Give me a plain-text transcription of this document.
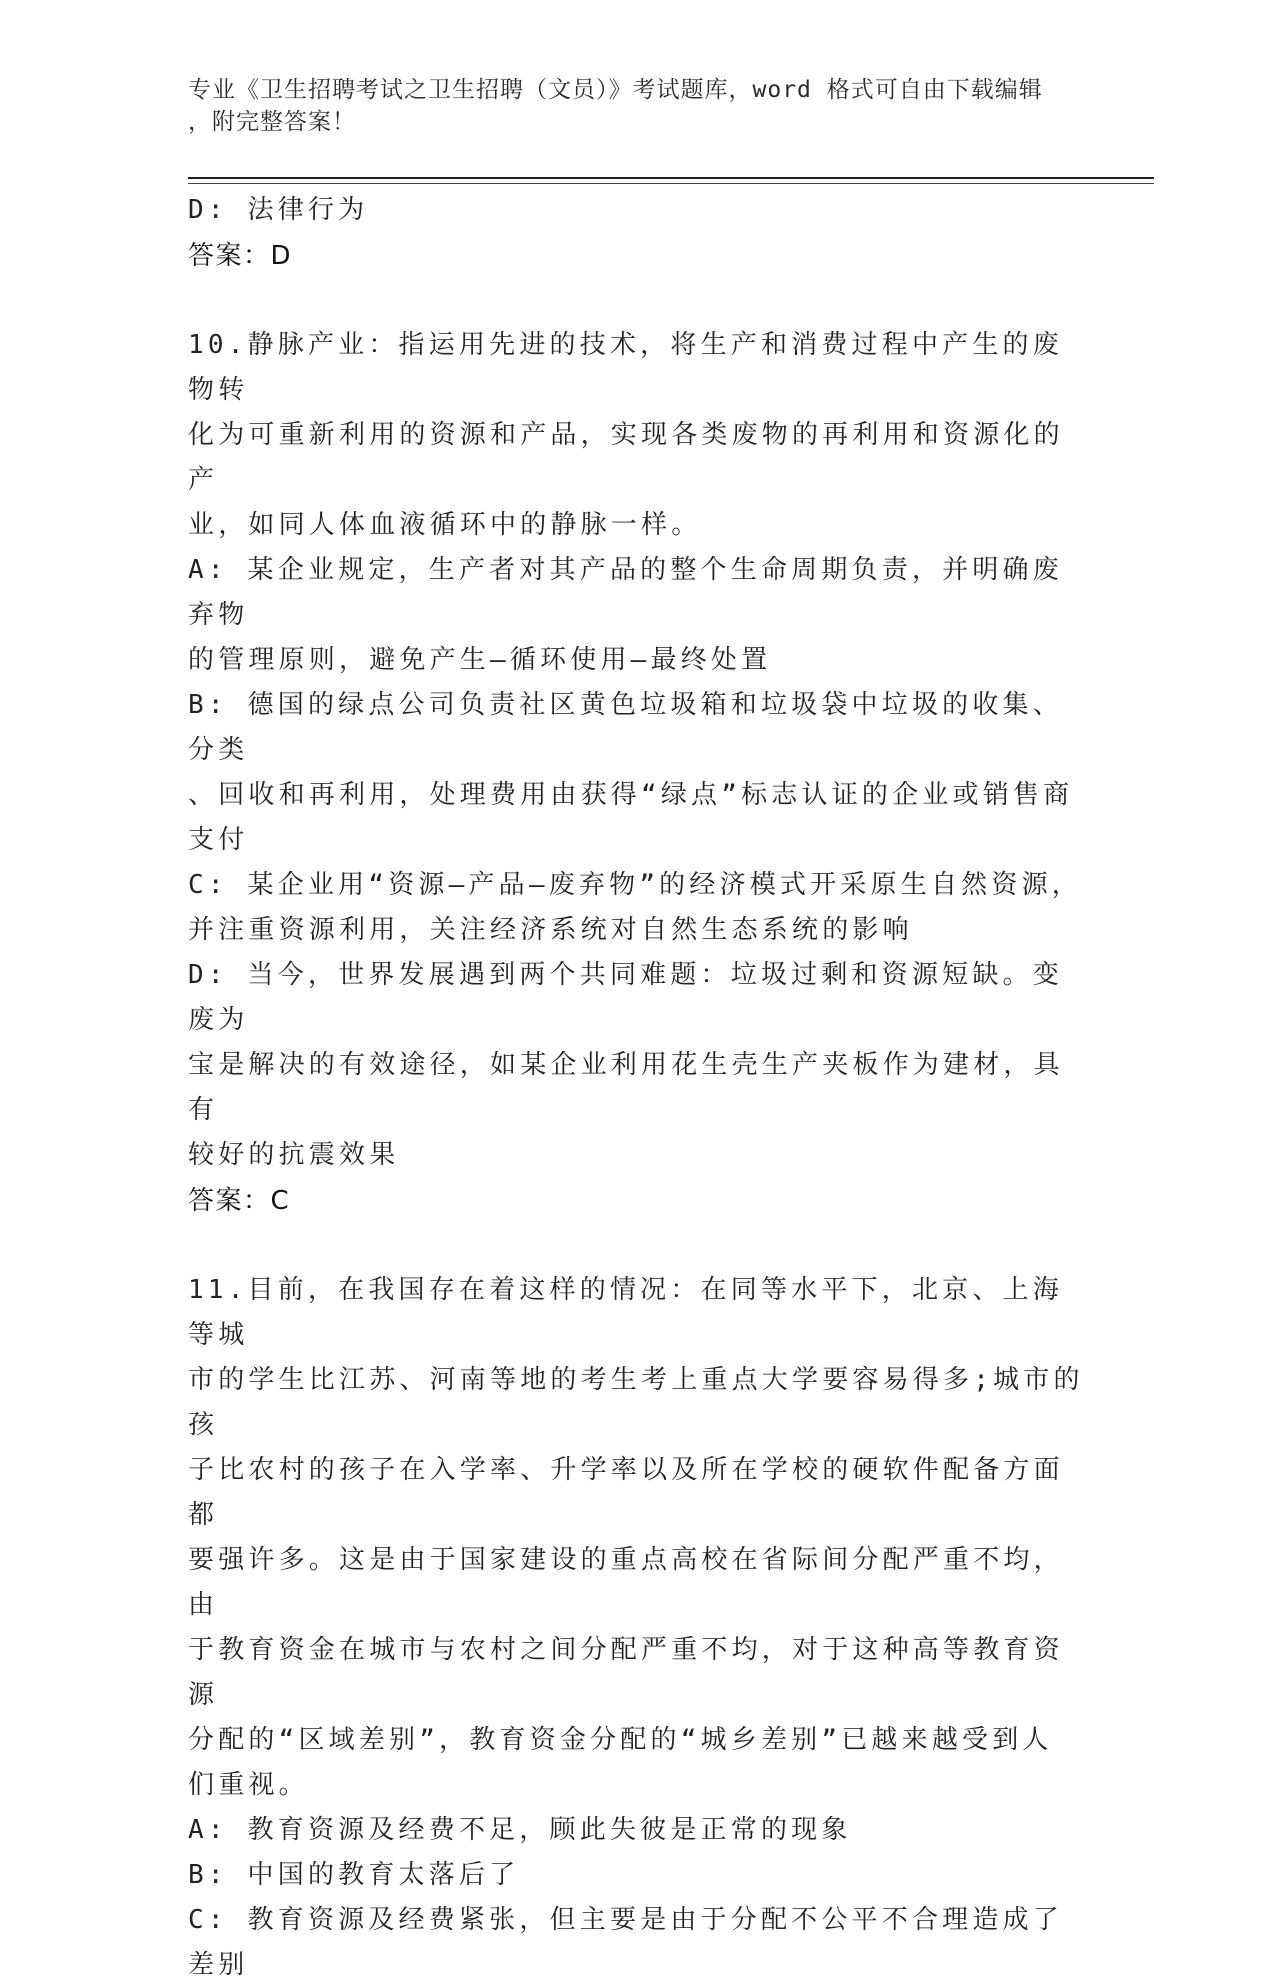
专业《卫生招聘考试之卫生招聘（文员）》考试题库，word 格式可自由下载编辑
，附完整答案！
D: 法律行为
答案：D
10.静脉产业：指运用先进的技术，将生产和消费过程中产生的废物转
化为可重新利用的资源和产品，实现各类废物的再利用和资源化的产
业，如同人体血液循环中的静脉一样。
A: 某企业规定，生产者对其产品的整个生命周期负责，并明确废弃物
的管理原则，避免产生—循环使用—最终处置
B: 德国的绿点公司负责社区黄色垃圾箱和垃圾袋中垃圾的收集、分类
、回收和再利用，处理费用由获得“绿点”标志认证的企业或销售商
支付
C: 某企业用“资源—产品—废弃物”的经济模式开采原生自然资源，
并注重资源利用，关注经济系统对自然生态系统的影响
D: 当今，世界发展遇到两个共同难题：垃圾过剩和资源短缺。变废为
宝是解决的有效途径，如某企业利用花生壳生产夹板作为建材，具有
较好的抗震效果
答案：C
11.目前，在我国存在着这样的情况：在同等水平下，北京、上海等城
市的学生比江苏、河南等地的考生考上重点大学要容易得多;城市的孩
子比农村的孩子在入学率、升学率以及所在学校的硬软件配备方面都
要强许多。这是由于国家建设的重点高校在省际间分配严重不均，由
于教育资金在城市与农村之间分配严重不均，对于这种高等教育资源
分配的“区域差别”，教育资金分配的“城乡差别”已越来越受到人
们重视。
A: 教育资源及经费不足，顾此失彼是正常的现象
B: 中国的教育太落后了
C: 教育资源及经费紧张，但主要是由于分配不公平不合理造成了差别
